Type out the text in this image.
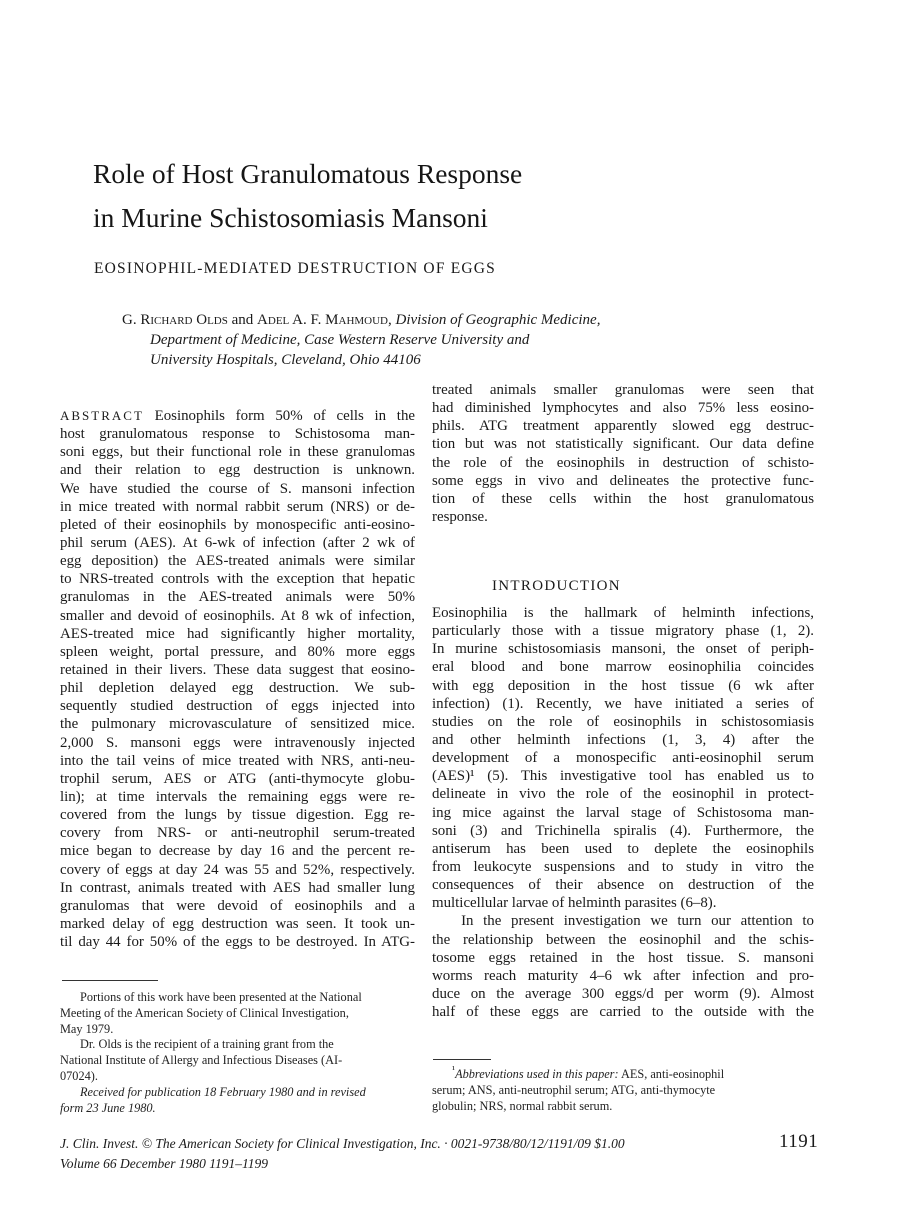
Role of Host Granulomatous Response
in Murine Schistosomiasis Mansoni
EOSINOPHIL-MEDIATED DESTRUCTION OF EGGS
G. Richard Olds and Adel A. F. Mahmoud, Division of Geographic Medicine,
Department of Medicine, Case Western Reserve University and
University Hospitals, Cleveland, Ohio 44106
ABSTRACT Eosinophils form 50% of cells in the
host granulomatous response to Schistosoma man-
soni eggs, but their functional role in these granulomas
and their relation to egg destruction is unknown.
We have studied the course of S. mansoni infection
in mice treated with normal rabbit serum (NRS) or de-
pleted of their eosinophils by monospecific anti-eosino-
phil serum (AES). At 6-wk of infection (after 2 wk of
egg deposition) the AES-treated animals were similar
to NRS-treated controls with the exception that hepatic
granulomas in the AES-treated animals were 50%
smaller and devoid of eosinophils. At 8 wk of infection,
AES-treated mice had significantly higher mortality,
spleen weight, portal pressure, and 80% more eggs
retained in their livers. These data suggest that eosino-
phil depletion delayed egg destruction. We sub-
sequently studied destruction of eggs injected into
the pulmonary microvasculature of sensitized mice.
2,000 S. mansoni eggs were intravenously injected
into the tail veins of mice treated with NRS, anti-neu-
trophil serum, AES or ATG (anti-thymocyte globu-
lin); at time intervals the remaining eggs were re-
covered from the lungs by tissue digestion. Egg re-
covery from NRS- or anti-neutrophil serum-treated
mice began to decrease by day 16 and the percent re-
covery of eggs at day 24 was 55 and 52%, respectively.
In contrast, animals treated with AES had smaller lung
granulomas that were devoid of eosinophils and a
marked delay of egg destruction was seen. It took un-
til day 44 for 50% of the eggs to be destroyed. In ATG-
treated animals smaller granulomas were seen that
had diminished lymphocytes and also 75% less eosino-
phils. ATG treatment apparently slowed egg destruc-
tion but was not statistically significant. Our data define
the role of the eosinophils in destruction of schisto-
some eggs in vivo and delineates the protective func-
tion of these cells within the host granulomatous
response.
INTRODUCTION
Eosinophilia is the hallmark of helminth infections,
particularly those with a tissue migratory phase (1, 2).
In murine schistosomiasis mansoni, the onset of periph-
eral blood and bone marrow eosinophilia coincides
with egg deposition in the host tissue (6 wk after
infection) (1). Recently, we have initiated a series of
studies on the role of eosinophils in schistosomiasis
and other helminth infections (1, 3, 4) after the
development of a monospecific anti-eosinophil serum
(AES)¹ (5). This investigative tool has enabled us to
delineate in vivo the role of the eosinophil in protect-
ing mice against the larval stage of Schistosoma man-
soni (3) and Trichinella spiralis (4). Furthermore, the
antiserum has been used to deplete the eosinophils
from leukocyte suspensions and to study in vitro the
consequences of their absence on destruction of the
multicellular larvae of helminth parasites (6–8).
In the present investigation we turn our attention to
the relationship between the eosinophil and the schis-
tosome eggs retained in the host tissue. S. mansoni
worms reach maturity 4–6 wk after infection and pro-
duce on the average 300 eggs/d per worm (9). Almost
half of these eggs are carried to the outside with the
Portions of this work have been presented at the National
Meeting of the American Society of Clinical Investigation,
May 1979.
Dr. Olds is the recipient of a training grant from the
National Institute of Allergy and Infectious Diseases (AI-
07024).
Received for publication 18 February 1980 and in revised
form 23 June 1980.
$^{^1}$Abbreviations used in this paper: AES, anti-eosinophil
serum; ANS, anti-neutrophil serum; ATG, anti-thymocyte
globulin; NRS, normal rabbit serum.
J. Clin. Invest. © The American Society for Clinical Investigation, Inc. · 0021-9738/80/12/1191/09 $1.00
Volume 66 December 1980 1191–1199
1191
